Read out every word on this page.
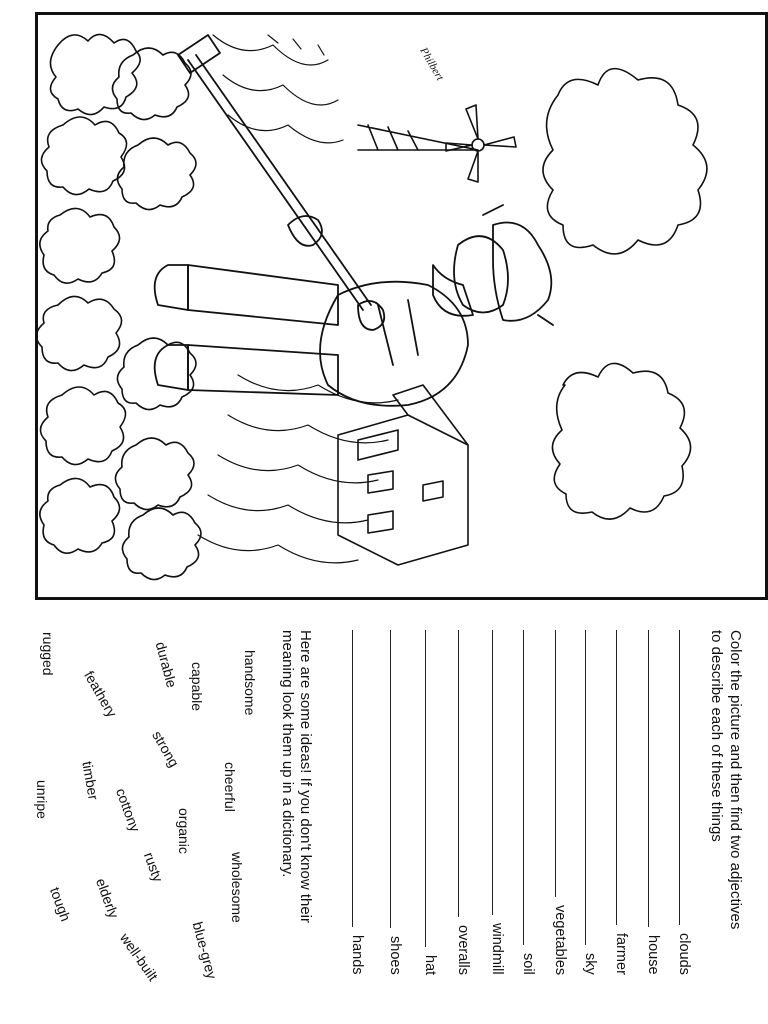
Philbert
Color the picture and then find two adjectives
to describe each of these things
clouds
house
farmer
sky
vegetables
soil
windmill
overalls
hat
shoes
hands
Here are some ideas! If you don't know their
meaning look them up in a dictionary.
handsome
cheerful
wholesome
capable
organic
blue-grey
durable
strong
rusty
feathery
cottony
elderly
well-built
rugged
timber
unripe
tough
